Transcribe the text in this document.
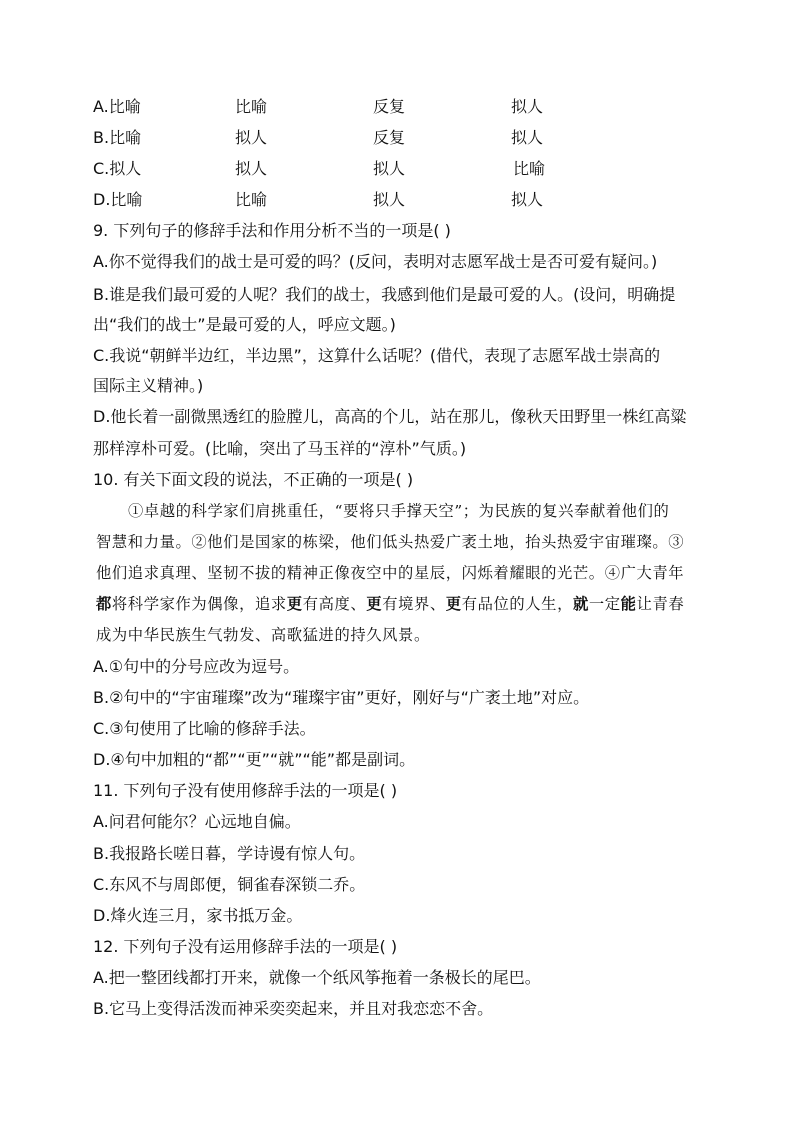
A.比喻	比喻	反复	拟人
B.比喻	拟人	反复	拟人
C.拟人	拟人	拟人	比喻
D.比喻	比喻	拟人	拟人
9. 下列句子的修辞手法和作用分析不当的一项是( )
A.你不觉得我们的战士是可爱的吗？(反问，表明对志愿军战士是否可爱有疑问。)
B.谁是我们最可爱的人呢？我们的战士，我感到他们是最可爱的人。(设问，明确提
出“我们的战士”是最可爱的人，呼应文题。)
C.我说“朝鲜半边红，半边黑”，这算什么话呢？(借代，表现了志愿军战士崇高的
国际主义精神。)
D.他长着一副微黑透红的脸膛儿，高高的个儿，站在那儿，像秋天田野里一株红高粱
那样淳朴可爱。(比喻，突出了马玉祥的“淳朴”气质。)
10. 有关下面文段的说法，不正确的一项是( )
①卓越的科学家们肩挑重任，“要将只手撑天空”；为民族的复兴奉献着他们的
智慧和力量。②他们是国家的栋梁，他们低头热爱广袤土地，抬头热爱宇宙璀璨。③
他们追求真理、坚韧不拔的精神正像夜空中的星辰，闪烁着耀眼的光芒。④广大青年
都将科学家作为偶像，追求更有高度、更有境界、更有品位的人生，就一定能让青春
成为中华民族生气勃发、高歌猛进的持久风景。
A.①句中的分号应改为逗号。
B.②句中的“宇宙璀璨”改为“璀璨宇宙”更好，刚好与“广袤土地”对应。
C.③句使用了比喻的修辞手法。
D.④句中加粗的“都”“更”“就”“能”都是副词。
11. 下列句子没有使用修辞手法的一项是( )
A.问君何能尔？心远地自偏。
B.我报路长嗟日暮，学诗谩有惊人句。
C.东风不与周郎便，铜雀春深锁二乔。
D.烽火连三月，家书抵万金。
12. 下列句子没有运用修辞手法的一项是( )
A.把一整团线都打开来，就像一个纸风筝拖着一条极长的尾巴。
B.它马上变得活泼而神采奕奕起来，并且对我恋恋不舍。
